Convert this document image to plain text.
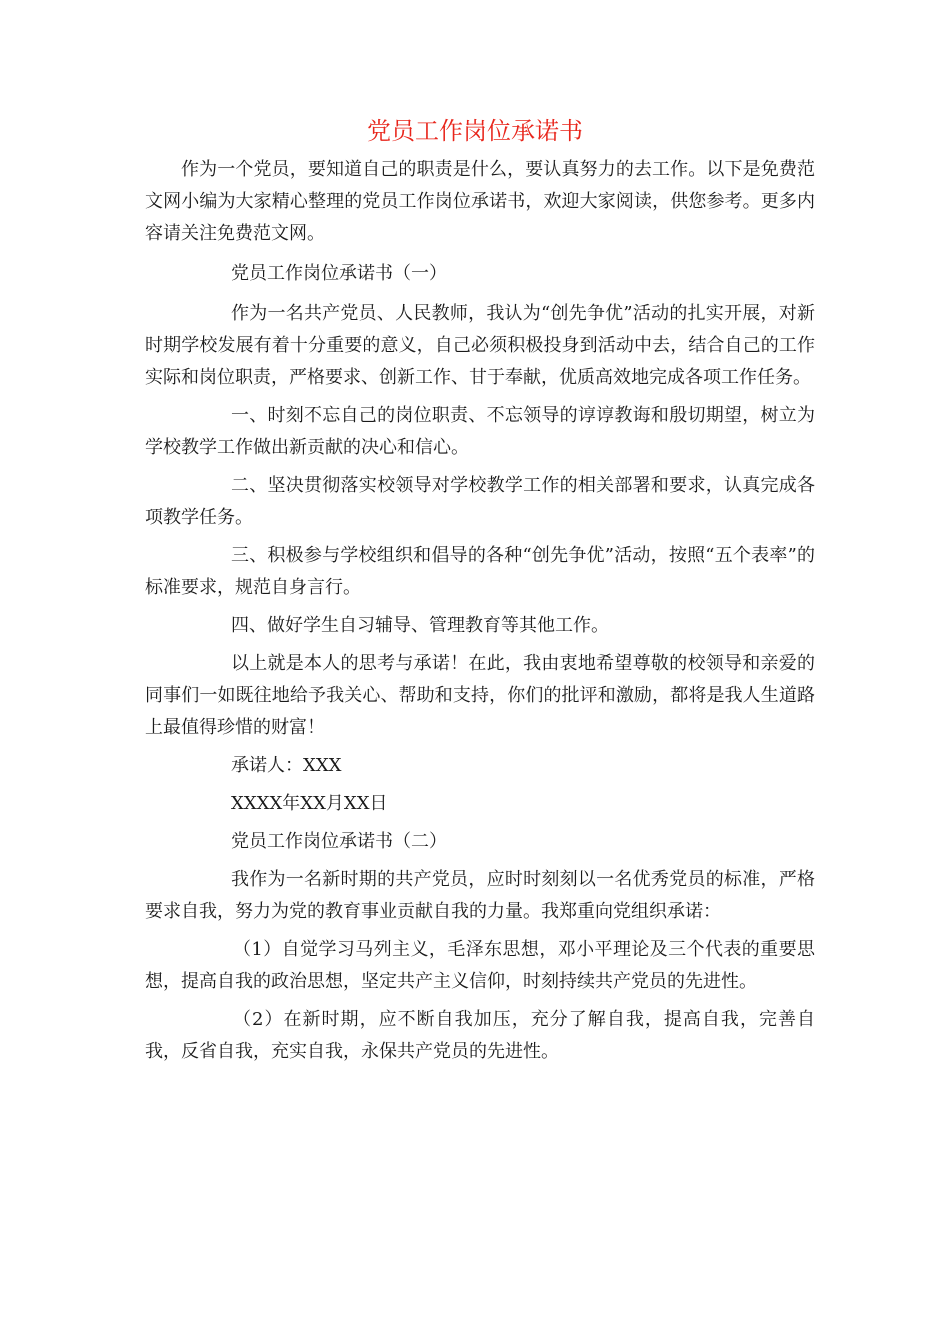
党员工作岗位承诺书

作为一个党员，要知道自己的职责是什么，要认真努力的去工作。以下是免费范文网小编为大家精心整理的党员工作岗位承诺书，欢迎大家阅读，供您参考。更多内容请关注免费范文网。

党员工作岗位承诺书（一）

作为一名共产党员、人民教师，我认为“创先争优”活动的扎实开展，对新时期学校发展有着十分重要的意义，自己必须积极投身到活动中去，结合自己的工作实际和岗位职责，严格要求、创新工作、甘于奉献，优质高效地完成各项工作任务。

一、时刻不忘自己的岗位职责、不忘领导的谆谆教诲和殷切期望，树立为学校教学工作做出新贡献的决心和信心。

二、坚决贯彻落实校领导对学校教学工作的相关部署和要求，认真完成各项教学任务。

三、积极参与学校组织和倡导的各种“创先争优”活动，按照“五个表率”的标准要求，规范自身言行。

四、做好学生自习辅导、管理教育等其他工作。

以上就是本人的思考与承诺！在此，我由衷地希望尊敬的校领导和亲爱的同事们一如既往地给予我关心、帮助和支持，你们的批评和激励，都将是我人生道路上最值得珍惜的财富！

承诺人：XXX

XXXX年XX月XX日

党员工作岗位承诺书（二）

我作为一名新时期的共产党员，应时时刻刻以一名优秀党员的标准，严格要求自我，努力为党的教育事业贡献自我的力量。我郑重向党组织承诺：

（1）自觉学习马列主义，毛泽东思想，邓小平理论及三个代表的重要思想，提高自我的政治思想，坚定共产主义信仰，时刻持续共产党员的先进性。

（2）在新时期，应不断自我加压，充分了解自我，提高自我，完善自我，反省自我，充实自我，永保共产党员的先进性。
